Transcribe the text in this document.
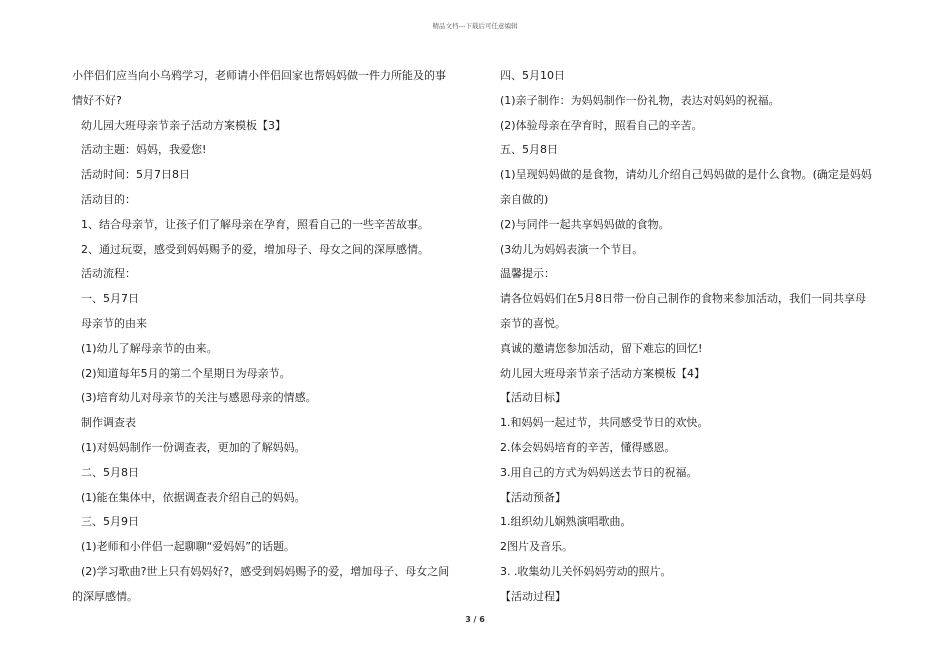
精品文档---下载后可任意编辑
小伴侣们应当向小乌鸦学习，老师请小伴侣回家也帮妈妈做一件力所能及的事
情好不好?
幼儿园大班母亲节亲子活动方案模板【3】
活动主题：妈妈，我爱您!
活动时间：5月7日8日
活动目的：
1、结合母亲节，让孩子们了解母亲在孕育，照看自己的一些辛苦故事。
2、通过玩耍，感受到妈妈赐予的爱，增加母子、母女之间的深厚感情。
活动流程：
一、5月7日
母亲节的由来
(1)幼儿了解母亲节的由来。
(2)知道每年5月的第二个星期日为母亲节。
(3)培育幼儿对母亲节的关注与感恩母亲的情感。
制作调查表
(1)对妈妈制作一份调查表，更加的了解妈妈。
二、5月8日
(1)能在集体中，依据调查表介绍自己的妈妈。
三、5月9日
(1)老师和小伴侣一起聊聊“爱妈妈”的话题。
(2)学习歌曲?世上只有妈妈好?，感受到妈妈赐予的爱，增加母子、母女之间
的深厚感情。
四、5月10日
(1)亲子制作：为妈妈制作一份礼物，表达对妈妈的祝福。
(2)体验母亲在孕育时，照看自己的辛苦。
五、5月8日
(1)呈现妈妈做的是食物，请幼儿介绍自己妈妈做的是什么食物。(确定是妈妈
亲自做的)
(2)与同伴一起共享妈妈做的食物。
(3幼儿为妈妈表演一个节目。
温馨提示：
请各位妈妈们在5月8日带一份自己制作的食物来参加活动，我们一同共享母
亲节的喜悦。
真诚的邀请您参加活动，留下难忘的回忆!
幼儿园大班母亲节亲子活动方案模板【4】
【活动目标】
1.和妈妈一起过节，共同感受节日的欢快。
2.体会妈妈培育的辛苦，懂得感恩。
3.用自己的方式为妈妈送去节日的祝福。
【活动预备】
1.组织幼儿娴熟演唱歌曲。
2图片及音乐。
3. .收集幼儿关怀妈妈劳动的照片。
【活动过程】
3 / 6
